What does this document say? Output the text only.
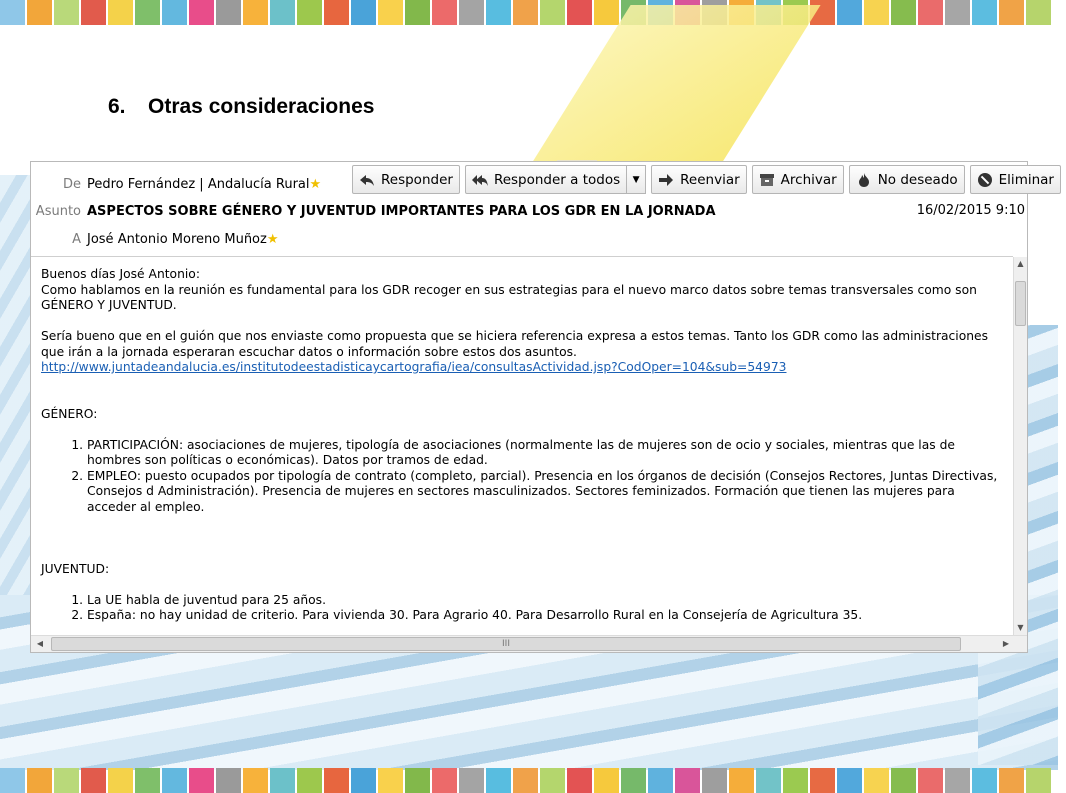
6.	Otras consideraciones
De Pedro Fernández | Andalucía Rural★
Asunto ASPECTOS SOBRE GÉNERO Y JUVENTUD IMPORTANTES PARA LOS GDR EN LA JORNADA	16/02/2015 9:10
A José Antonio Moreno Muñoz★
Responder	Responder a todos ▼	Reenviar	Archivar	No deseado	Eliminar

Buenos días José Antonio:

Como hablamos en la reunión es fundamental para los GDR recoger en sus estrategias para el nuevo marco datos sobre temas transversales como son

GÉNERO Y JUVENTUD.

Sería bueno que en el guión que nos enviaste como propuesta que se hiciera referencia expresa a estos temas. Tanto los GDR como las administraciones

que irán a la jornada esperaran escuchar datos o información sobre estos dos asuntos.

http://www.juntadeandalucia.es/institutodeestadisticaycartografia/iea/consultasActividad.jsp?CodOper=104&sub=54973

GÉNERO:

1. PARTICIPACIÓN: asociaciones de mujeres, tipología de asociaciones (normalmente las de mujeres son de ocio y sociales, mientras que las de hombres son políticas o económicas). Datos por tramos de edad.
2. EMPLEO: puesto ocupados por tipología de contrato (completo, parcial). Presencia en los órganos de decisión (Consejos Rectores, Juntas Directivas, Consejos d Administración). Presencia de mujeres en sectores masculinizados. Sectores feminizados. Formación que tienen las mujeres para acceder al empleo.

JUVENTUD:

1. La UE habla de juventud para 25 años.
2. España: no hay unidad de criterio. Para vivienda 30. Para Agrario 40. Para Desarrollo Rural en la Consejería de Agricultura 35.
▲
▼
◀	III	▶
